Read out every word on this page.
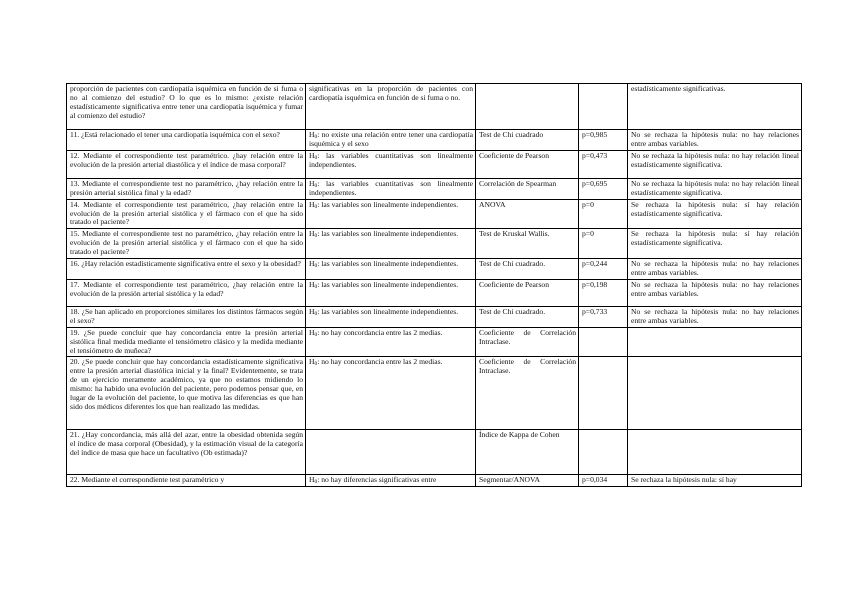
proporción de pacientes con cardiopatía isquémica en función de si fuma o no al comienzo del estudio? O lo que es lo mismo: ¿existe relación estadísticamente significativa entre tener una cardiopatía isquémica y fumar al comienzo del estudio?	significativas en la proporción de pacientes con cardiopatía isquémica en función de si fuma o no.			estadísticamente significativas.
11. ¿Está relacionado el tener una cardiopatía isquémica con el sexo?	$H_0$: no existe una relación entre tener una cardiopatía isquémica y el sexo	Test de Chi cuadrado	p=0,985	No se rechaza la hipótesis nula: no hay relaciones entre ambas variables.
12. Mediante el correspondiente test paramétrico. ¿hay relación entre la evolución de la presión arterial diastólica y el índice de masa corporal?	$H_0$: las variables cuantitativas son linealmente independientes.	Coeficiente de Pearson	p=0,473	No se rechaza la hipótesis nula: no hay relación lineal estadísticamente significativa.
13. Mediante el correspondiente test no paramétrico, ¿hay relación entre la presión arterial sistólica final y la edad?	$H_0$: las variables cuantitativas son linealmente independientes.	Correlación de Spearman	p=0,695	No se rechaza la hipótesis nula: no hay relación lineal estadísticamente significativa.
14. Mediante el correspondiente test paramétrico, ¿hay relación entre la evolución de la presión arterial sistólica y el fármaco con el que ha sido tratado el paciente?	$H_0$: las variables son linealmente independientes.	ANOVA	p=0	Se rechaza la hipótesis nula: sí hay relación estadísticamente significativa.
15. Mediante el correspondiente test no paramétrico, ¿hay relación entre la evolución de la presión arterial sistólica y el fármaco con el que ha sido tratado el paciente?	$H_0$: las variables son linealmente independientes.	Test de Kruskal Wallis.	p=0	Se rechaza la hipótesis nula: sí hay relación estadísticamente significativa.
16. ¿Hay relación estadísticamente significativa entre el sexo y la obesidad?	$H_0$: las variables son linealmente independientes.	Test de Chi cuadrado.	p=0,244	No se rechaza la hipótesis nula: no hay relaciones entre ambas variables.
17. Mediante el correspondiente test paramétrico, ¿hay relación entre la evolución de la presión arterial sistólica y la edad?	$H_0$: las variables son linealmente independientes.	Coeficiente de Pearson	p=0,198	No se rechaza la hipótesis nula: no hay relaciones entre ambas variables.
18. ¿Se han aplicado en proporciones similares los distintos fármacos según el sexo?	$H_0$: las variables son linealmente independientes.	Test de Chi cuadrado.	p=0,733	No se rechaza la hipótesis nula: no hay relaciones entre ambas variables.
19. ¿Se puede concluir que hay concordancia entre la presión arterial sistólica final medida mediante el tensiómetro clásico y la medida mediante el tensiómetro de muñeca?	$H_0$: no hay concordancia entre las 2 medias.	Coeficiente de Correlación Intraclase.		
20. ¿Se puede concluir que hay concordancia estadísticamente significativa entre la presión arterial diastólica inicial y la final? Evidentemente, se trata de un ejercicio meramente académico, ya que no estamos midiendo lo mismo: ha habido una evolución del paciente, pero podemos pensar que, en lugar de la evolución del paciente, lo que motiva las diferencias es que han sido dos médicos diferentes los que han realizado las medidas.	$H_0$: no hay concordancia entre las 2 medias.	Coeficiente de Correlación Intraclase.		
21. ¿Hay concordancia, más allá del azar, entre la obesidad obtenida según el índice de masa corporal (Obesidad), y la estimación visual de la categoría del índice de masa que hace un facultativo (Ob estimada)?		Índice de Kappa de Cohen		
22. Mediante el correspondiente test paramétrico y	$H_0$: no hay diferencias significativas entre	Segmentar/ANOVA	p=0,034	Se rechaza la hipótesis nula: sí hay
